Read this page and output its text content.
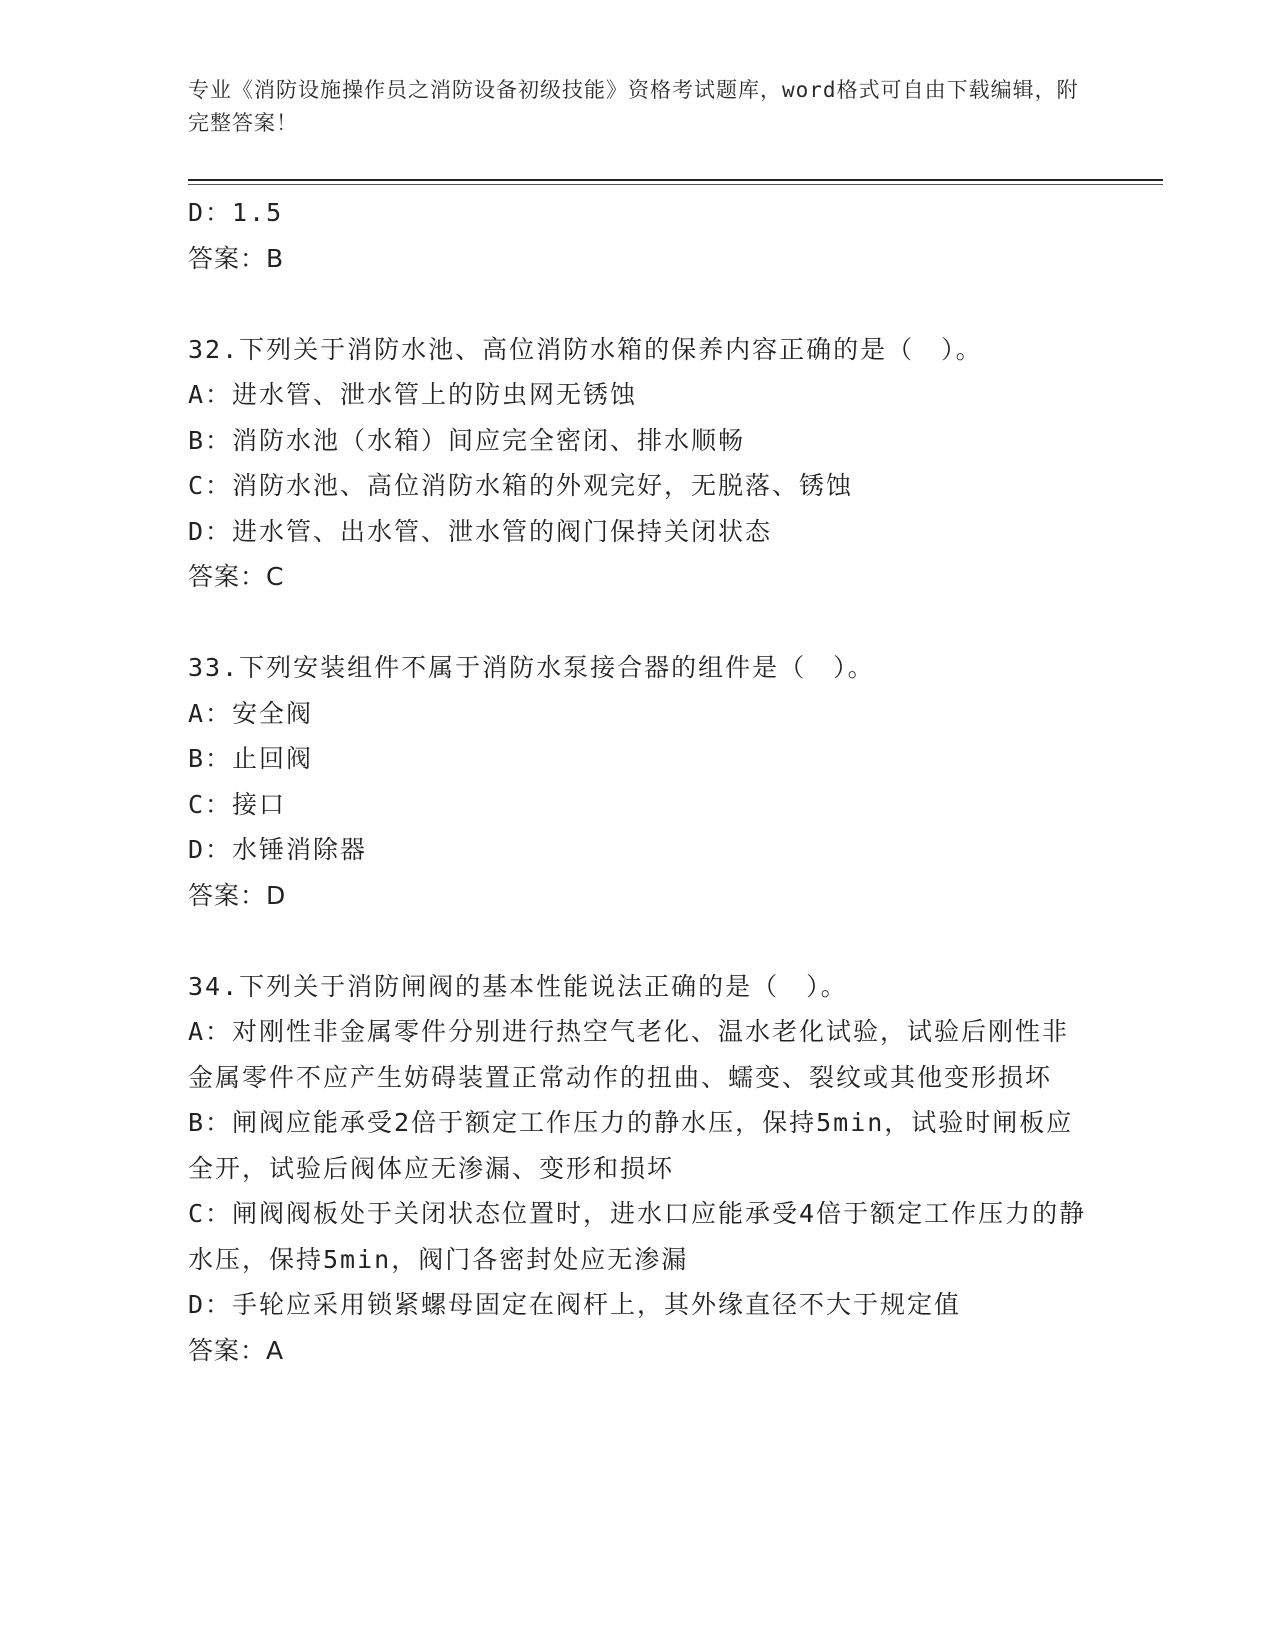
专业《消防设施操作员之消防设备初级技能》资格考试题库，word格式可自由下载编辑，附完整答案！
D：1.5
答案：B
32.下列关于消防水池、高位消防水箱的保养内容正确的是（　）。
A：进水管、泄水管上的防虫网无锈蚀
B：消防水池（水箱）间应完全密闭、排水顺畅
C：消防水池、高位消防水箱的外观完好，无脱落、锈蚀
D：进水管、出水管、泄水管的阀门保持关闭状态
答案：C
33.下列安装组件不属于消防水泵接合器的组件是（　）。
A：安全阀
B：止回阀
C：接口
D：水锤消除器
答案：D
34.下列关于消防闸阀的基本性能说法正确的是（　）。
A：对刚性非金属零件分别进行热空气老化、温水老化试验，试验后刚性非金属零件不应产生妨碍装置正常动作的扭曲、蠕变、裂纹或其他变形损坏
B：闸阀应能承受2倍于额定工作压力的静水压，保持5min，试验时闸板应全开，试验后阀体应无渗漏、变形和损坏
C：闸阀阀板处于关闭状态位置时，进水口应能承受4倍于额定工作压力的静水压，保持5min，阀门各密封处应无渗漏
D：手轮应采用锁紧螺母固定在阀杆上，其外缘直径不大于规定值
答案：A
